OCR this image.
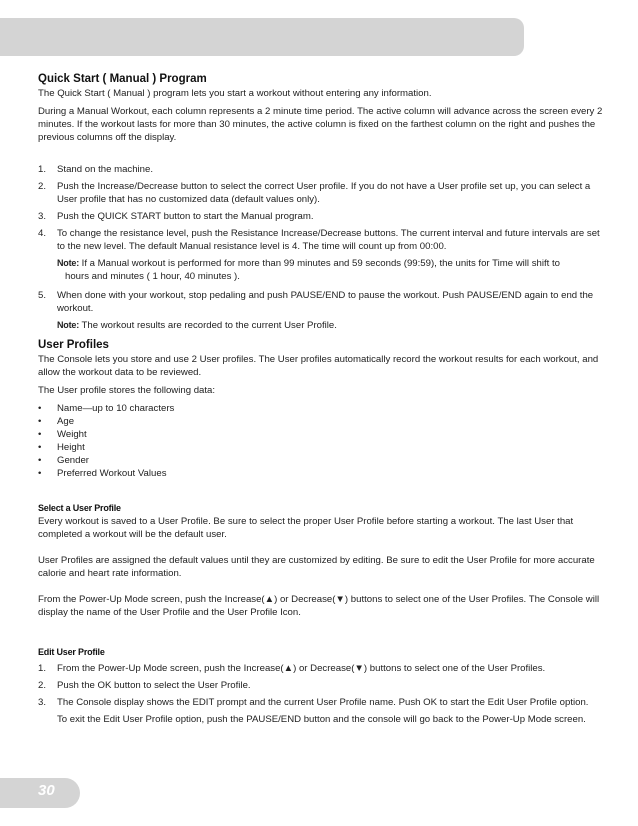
Quick Start ( Manual ) Program

The Quick Start ( Manual ) program lets you start a workout without entering any information.

During a Manual Workout, each column represents a 2 minute time period. The active column will advance across the screen every 2 minutes. If the workout lasts for more than 30 minutes, the active column is fixed on the farthest column on the right and pushes the previous columns off the display.

1. Stand on the machine.
2. Push the Increase/Decrease button to select the correct User profile. If you do not have a User profile set up, you can select a User profile that has no customized data (default values only).
3. Push the QUICK START button to start the Manual program.
4. To change the resistance level, push the Resistance Increase/Decrease buttons. The current interval and future intervals are set to the new level. The default Manual resistance level is 4. The time will count up from 00:00.
Note: If a Manual workout is performed for more than 99 minutes and 59 seconds (99:59), the units for Time will shift to
hours and minutes ( 1 hour, 40 minutes ).
5. When done with your workout, stop pedaling and push PAUSE/END to pause the workout. Push PAUSE/END again to end the workout.
Note: The workout results are recorded to the current User Profile.
User Profiles

The Console lets you store and use 2 User profiles. The User profiles automatically record the workout results for each workout, and allow the workout data to be reviewed.

The User profile stores the following data:

• Name—up to 10 characters
• Age
• Weight
• Height
• Gender
• Preferred Workout Values
Select a User Profile

Every workout is saved to a User Profile. Be sure to select the proper User Profile before starting a workout. The last User that completed a workout will be the default user.

User Profiles are assigned the default values until they are customized by editing. Be sure to edit the User Profile for more accurate calorie and heart rate information.

From the Power-Up Mode screen, push the Increase(▲) or Decrease(▼) buttons to select one of the User Profiles. The Console will display the name of the User Profile and the User Profile Icon.

Edit User Profile
1. From the Power-Up Mode screen, push the Increase(▲) or Decrease(▼) buttons to select one of the User Profiles.
2. Push the OK button to select the User Profile.
3. The Console display shows the EDIT prompt and the current User Profile name. Push OK to start the Edit User Profile option.

To exit the Edit User Profile option, push the PAUSE/END button and the console will go back to the Power-Up Mode screen.

30
